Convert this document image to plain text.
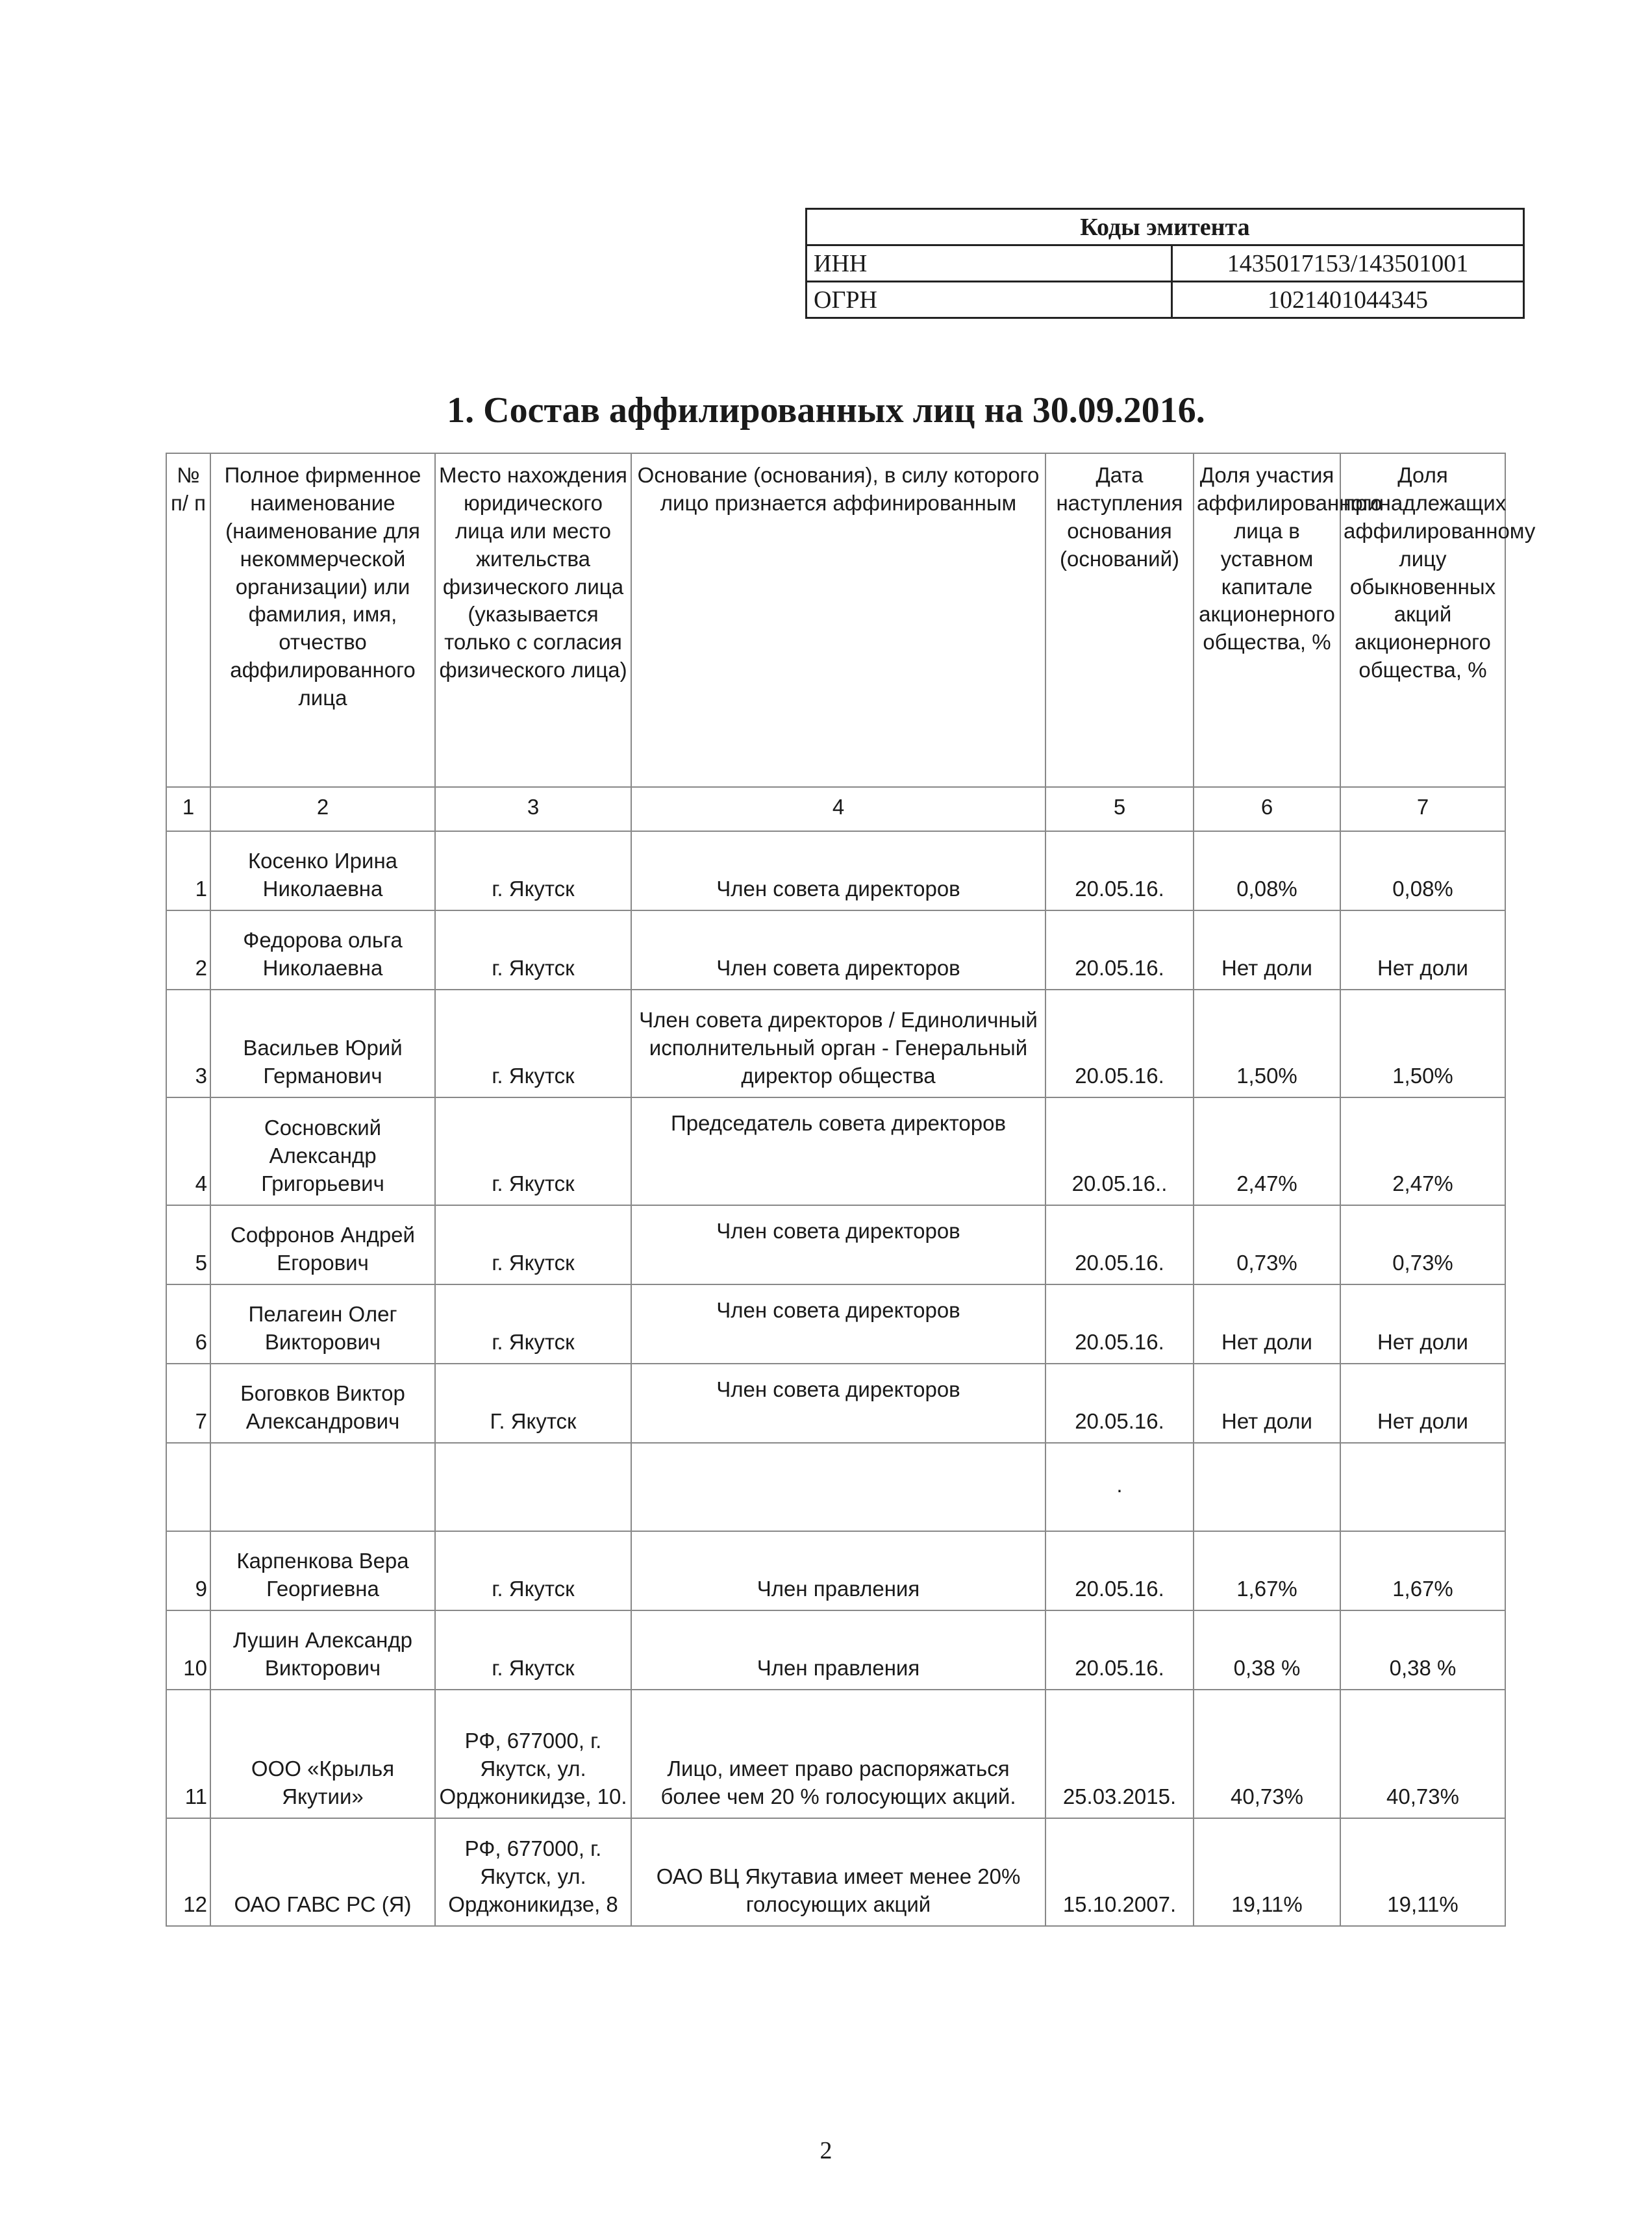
Коды эмитента	
ИНН	1435017153/143501001
ОГРН	1021401044345
1. Состав аффилированных лиц на 30.09.2016.
№ п/ п	Полное фирменное наименование (наименование для некоммерческой организации) или фамилия, имя, отчество аффилированного лица	Место нахождения юридического лица или место жительства физического лица (указывается только с согласия физического лица)	Основание (основания), в силу которого лицо признается аффинированным	Дата наступления основания (оснований)	Доля участия аффилированного лица в уставном капитале акционерного общества, %	Доля принадлежащих аффилированному лицу обыкновенных акций акционерного общества, %
1	2	3	4	5	6	7
1	Косенко Ирина Николаевна	г. Якутск	Член совета директоров	20.05.16.	0,08%	0,08%
2	Федорова ольга Николаевна	г. Якутск	Член совета директоров	20.05.16.	Нет доли	Нет доли
3	Васильев Юрий Германович	г. Якутск	Член совета директоров / Единоличный исполнительный орган - Генеральный директор общества	20.05.16.	1,50%	1,50%
4	Сосновский Александр Григорьевич	г. Якутск	Председатель совета директоров	20.05.16..	2,47%	2,47%
5	Софронов Андрей Егорович	г. Якутск	Член совета директоров	20.05.16.	0,73%	0,73%
6	Пелагеин Олег Викторович	г. Якутск	Член совета директоров	20.05.16.	Нет доли	Нет доли
7	Боговков Виктор Александрович	Г. Якутск	Член совета директоров	20.05.16.	Нет доли	Нет доли
				.		
9	Карпенкова Вера Георгиевна	г. Якутск	Член правления	20.05.16.	1,67%	1,67%
10	Лушин Александр Викторович	г. Якутск	Член правления	20.05.16.	0,38 %	0,38 %
11	ООО «Крылья Якутии»	РФ, 677000, г. Якутск, ул. Орджоникидзе, 10.	Лицо, имеет право распоряжаться более чем 20 % голосующих акций.	25.03.2015.	40,73%	40,73%
12	ОАО ГАВС РС (Я)	РФ, 677000, г. Якутск, ул. Орджоникидзе, 8	ОАО ВЦ Якутавиа имеет менее 20% голосующих акций	15.10.2007.	19,11%	19,11%
2
